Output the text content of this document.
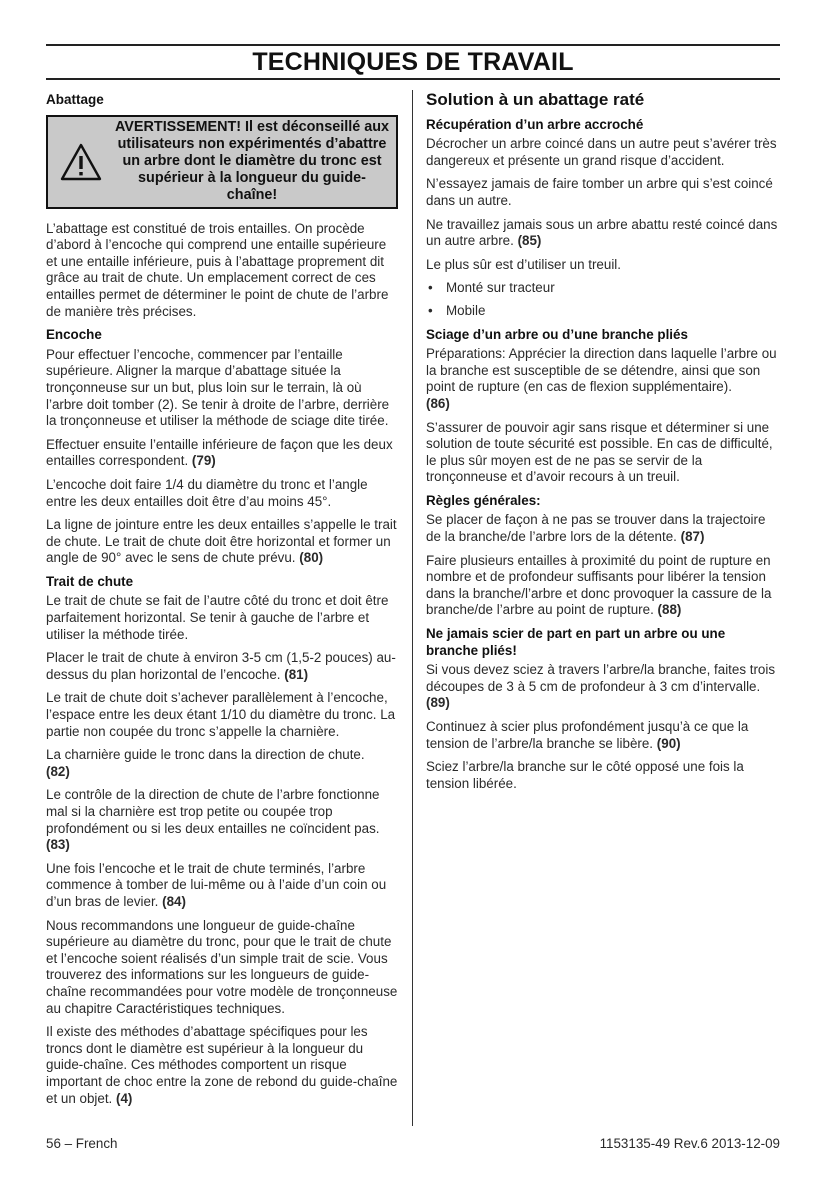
TECHNIQUES DE TRAVAIL
Abattage
AVERTISSEMENT! Il est déconseillé aux utilisateurs non expérimentés d’abattre un arbre dont le diamètre du tronc est supérieur à la longueur du guide-chaîne!

L’abattage est constitué de trois entailles. On procède d’abord à l’encoche qui comprend une entaille supérieure et une entaille inférieure, puis à l’abattage proprement dit grâce au trait de chute. Un emplacement correct de ces entailles permet de déterminer le point de chute de l’arbre de manière très précises.

Encoche

Pour effectuer l’encoche, commencer par l’entaille supérieure. Aligner la marque d’abattage située la tronçonneuse sur un but, plus loin sur le terrain, là où l’arbre doit tomber (2). Se tenir à droite de l’arbre, derrière la tronçonneuse et utiliser la méthode de sciage dite tirée.

Effectuer ensuite l’entaille inférieure de façon que les deux entailles correspondent. (79)

L’encoche doit faire 1/4 du diamètre du tronc et l’angle entre les deux entailles doit être d’au moins 45°.

La ligne de jointure entre les deux entailles s’appelle le trait de chute. Le trait de chute doit être horizontal et former un angle de 90° avec le sens de chute prévu. (80)

Trait de chute

Le trait de chute se fait de l’autre côté du tronc et doit être parfaitement horizontal. Se tenir à gauche de l’arbre et utiliser la méthode tirée.

Placer le trait de chute à environ 3-5 cm (1,5-2 pouces) au-dessus du plan horizontal de l’encoche. (81)

Le trait de chute doit s’achever parallèlement à l’encoche, l’espace entre les deux étant 1/10 du diamètre du tronc. La partie non coupée du tronc s’appelle la charnière.

La charnière guide le tronc dans la direction de chute.
(82)

Le contrôle de la direction de chute de l’arbre fonctionne mal si la charnière est trop petite ou coupée trop profondément ou si les deux entailles ne coïncident pas.
(83)

Une fois l’encoche et le trait de chute terminés, l’arbre commence à tomber de lui-même ou à l’aide d’un coin ou d’un bras de levier. (84)

Nous recommandons une longueur de guide-chaîne supérieure au diamètre du tronc, pour que le trait de chute et l’encoche soient réalisés d’un simple trait de scie. Vous trouverez des informations sur les longueurs de guide-chaîne recommandées pour votre modèle de tronçonneuse au chapitre Caractéristiques techniques.

Il existe des méthodes d’abattage spécifiques pour les troncs dont le diamètre est supérieur à la longueur du guide-chaîne. Ces méthodes comportent un risque important de choc entre la zone de rebond du guide-chaîne et un objet. (4)

Solution à un abattage raté
Récupération d’un arbre accroché

Décrocher un arbre coincé dans un autre peut s’avérer très dangereux et présente un grand risque d’accident.

N’essayez jamais de faire tomber un arbre qui s’est coincé dans un autre.

Ne travaillez jamais sous un arbre abattu resté coincé dans un autre arbre. (85)

Le plus sûr est d’utiliser un treuil.

• Monté sur tracteur
• Mobile
Sciage d’un arbre ou d’une branche pliés

Préparations: Apprécier la direction dans laquelle l’arbre ou la branche est susceptible de se détendre, ainsi que son point de rupture (en cas de flexion supplémentaire).
(86)

S’assurer de pouvoir agir sans risque et déterminer si une solution de toute sécurité est possible. En cas de difficulté, le plus sûr moyen est de ne pas se servir de la tronçonneuse et d’avoir recours à un treuil.

Règles générales:

Se placer de façon à ne pas se trouver dans la trajectoire de la branche/de l’arbre lors de la détente. (87)

Faire plusieurs entailles à proximité du point de rupture en nombre et de profondeur suffisants pour libérer la tension dans la branche/l’arbre et donc provoquer la cassure de la branche/de l’arbre au point de rupture. (88)

Ne jamais scier de part en part un arbre ou une branche pliés!

Si vous devez sciez à travers l’arbre/la branche, faites trois découpes de 3 à 5 cm de profondeur à 3 cm d’intervalle. (89)

Continuez à scier plus profondément jusqu’à ce que la tension de l’arbre/la branche se libère. (90)

Sciez l’arbre/la branche sur le côté opposé une fois la tension libérée.

56 – French	1153135-49 Rev.6 2013-12-09
